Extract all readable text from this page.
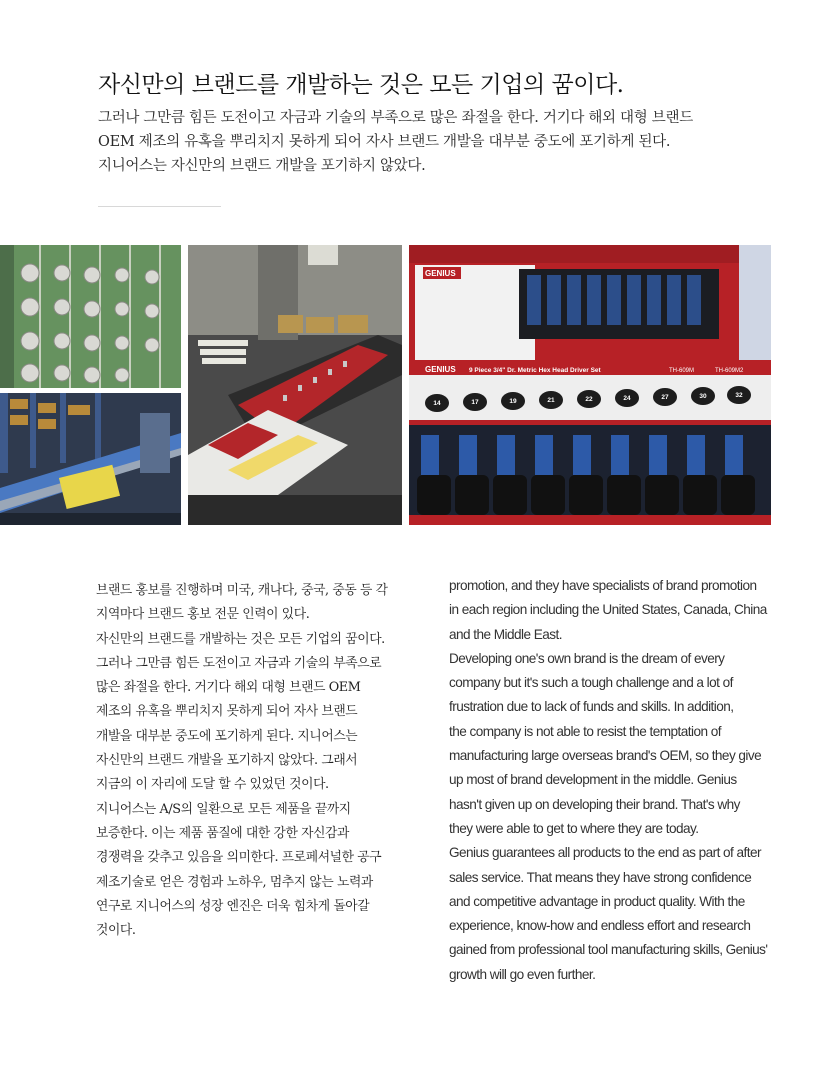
자신만의 브랜드를 개발하는 것은 모든 기업의 꿈이다.

그러나 그만큼 힘든 도전이고 자금과 기술의 부족으로 많은 좌절을 한다. 거기다 해외 대형 브랜드

OEM 제조의 유혹을 뿌리치지 못하게 되어 자사 브랜드 개발을 대부분 중도에 포기하게 된다.

지니어스는 자신만의 브랜드 개발을 포기하지 않았다.

GENIUS
GENIUS 9 Piece 3/4" Dr. Metric Hex Head Driver Set	TH-609M	TH-609M2
14	17	19	21	22	24	27	30	32

브랜드 홍보를 진행하며 미국, 캐나다, 중국, 중동 등 각

지역마다 브랜드 홍보 전문 인력이 있다.

자신만의 브랜드를 개발하는 것은 모든 기업의 꿈이다.

그러나 그만큼 힘든 도전이고 자금과 기술의 부족으로

많은 좌절을 한다. 거기다 해외 대형 브랜드 OEM

제조의 유혹을 뿌리치지 못하게 되어 자사 브랜드

개발을 대부분 중도에 포기하게 된다. 지니어스는

자신만의 브랜드 개발을 포기하지 않았다. 그래서

지금의 이 자리에 도달 할 수 있었던 것이다.

지니어스는 A/S의 일환으로 모든 제품을 끝까지

보증한다. 이는 제품 품질에 대한 강한 자신감과

경쟁력을 갖추고 있음을 의미한다. 프로페셔널한 공구

제조기술로 얻은 경험과 노하우, 멈추지 않는 노력과

연구로 지니어스의 성장 엔진은 더욱 힘차게 돌아갈

것이다.

promotion, and they have specialists of brand promotion

in each region including the United States, Canada, China

and the Middle East.

Developing one's own brand is the dream of every

company but it's such a tough challenge and a lot of

frustration due to lack of funds and skills. In addition,

the company is not able to resist the temptation of

manufacturing large overseas brand's OEM, so they give

up most of brand development in the middle. Genius

hasn't given up on developing their brand. That's why

they were able to get to where they are today.

Genius guarantees all products to the end as part of after

sales service. That means they have strong confidence

and competitive advantage in product quality. With the

experience, know-how and endless effort and research

gained from professional tool manufacturing skills, Genius'

growth will go even further.
